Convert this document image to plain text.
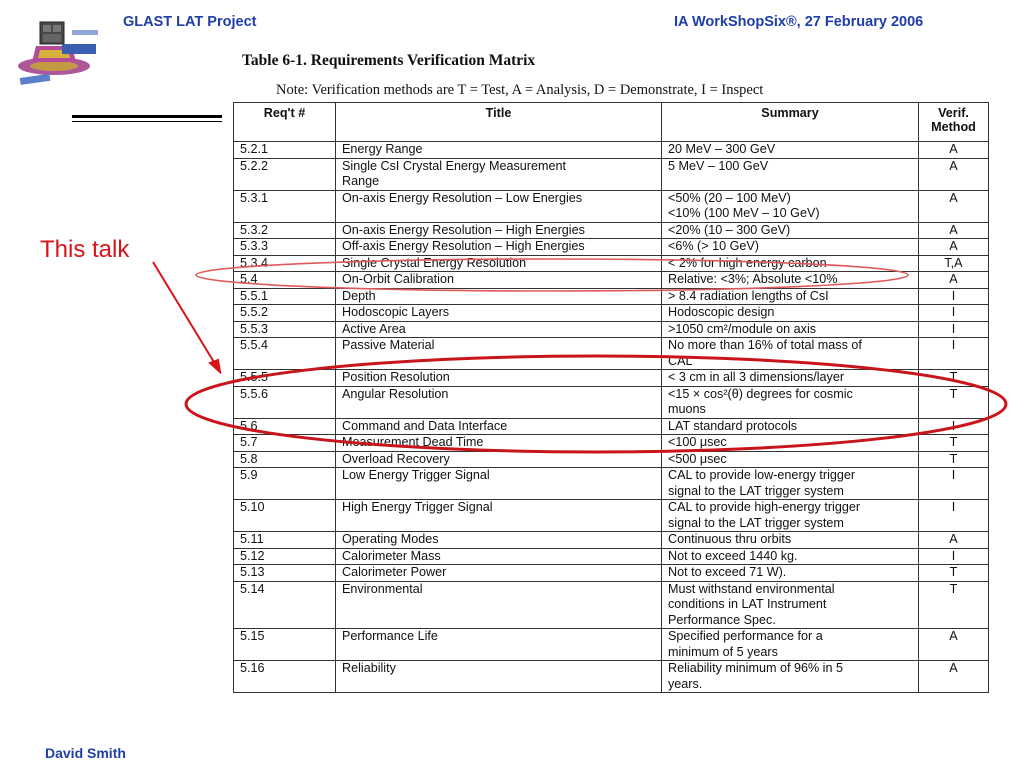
GLAST LAT Project	IA WorkShopSix®, 27 February 2006
Table 6-1. Requirements Verification Matrix
Note: Verification methods are T = Test, A = Analysis, D = Demonstrate, I = Inspect
Req't #	Title	Summary	Verif. Method
5.2.1	Energy Range	20 MeV – 300 GeV	A
5.2.2	Single CsI Crystal Energy Measurement
Range	5 MeV – 100 GeV	A
5.3.1	On-axis Energy Resolution – Low Energies	<50% (20 – 100 MeV)
<10% (100 MeV – 10 GeV)	A
5.3.2	On-axis Energy Resolution – High Energies	<20% (10 – 300 GeV)	A
5.3.3	Off-axis Energy Resolution – High Energies	<6% (> 10 GeV)	A
5.3.4	Single Crystal Energy Resolution	< 2% for high energy carbon	T,A
5.4	On-Orbit Calibration	Relative: <3%; Absolute <10%	A
5.5.1	Depth	> 8.4 radiation lengths of CsI	I
5.5.2	Hodoscopic Layers	Hodoscopic design	I
5.5.3	Active Area	>1050 cm²/module on axis	I
5.5.4	Passive Material	No more than 16% of total mass of
CAL	I
5.5.5	Position Resolution	< 3 cm in all 3 dimensions/layer	T
5.5.6	Angular Resolution	<15 × cos²(θ) degrees for cosmic
muons	T
5.6	Command and Data Interface	LAT standard protocols	I
5.7	Measurement Dead Time	<100 μsec	T
5.8	Overload Recovery	<500 μsec	T
5.9	Low Energy Trigger Signal	CAL to provide low-energy trigger
signal to the LAT trigger system	I
5.10	High Energy Trigger Signal	CAL to provide high-energy trigger
signal to the LAT trigger system	I
5.11	Operating Modes	Continuous thru orbits	A
5.12	Calorimeter Mass	Not to exceed 1440 kg.	I
5.13	Calorimeter Power	Not to exceed 71 W).	T
5.14	Environmental	Must withstand environmental
conditions in LAT Instrument
Performance Spec.	T
5.15	Performance Life	Specified performance for a
minimum of 5 years	A
5.16	Reliability	Reliability minimum of 96% in 5
years.	A
This talk
David Smith
